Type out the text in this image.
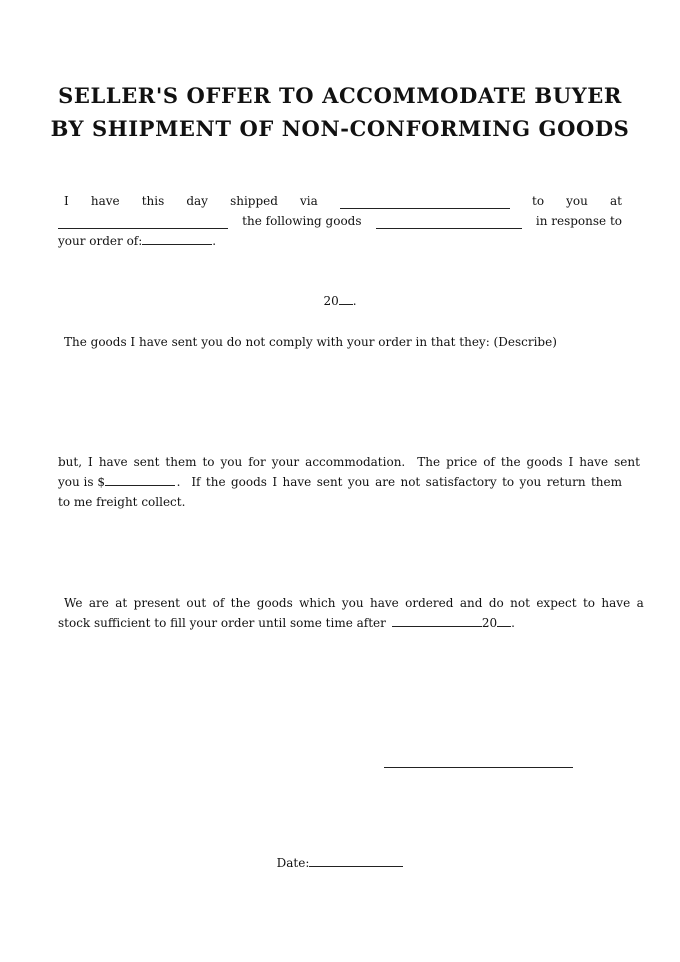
SELLER'S OFFER TO ACCOMMODATE BUYER
BY SHIPMENT OF NON-CONFORMING GOODS
I have this day shipped via	to you at
the following goods	in response to
your order of:	.
20 .
The goods I have sent you do not comply with your order in that they: (Describe)
but, I have sent them to you for your accommodation.  The price of the goods I have sent
you is $	.  If the goods I have sent you are not satisfactory to you return them
to me freight collect.
We are at present out of the goods which you have ordered and do not expect to have a
stock sufficient to fill your order until some time after	20 .
Date:
